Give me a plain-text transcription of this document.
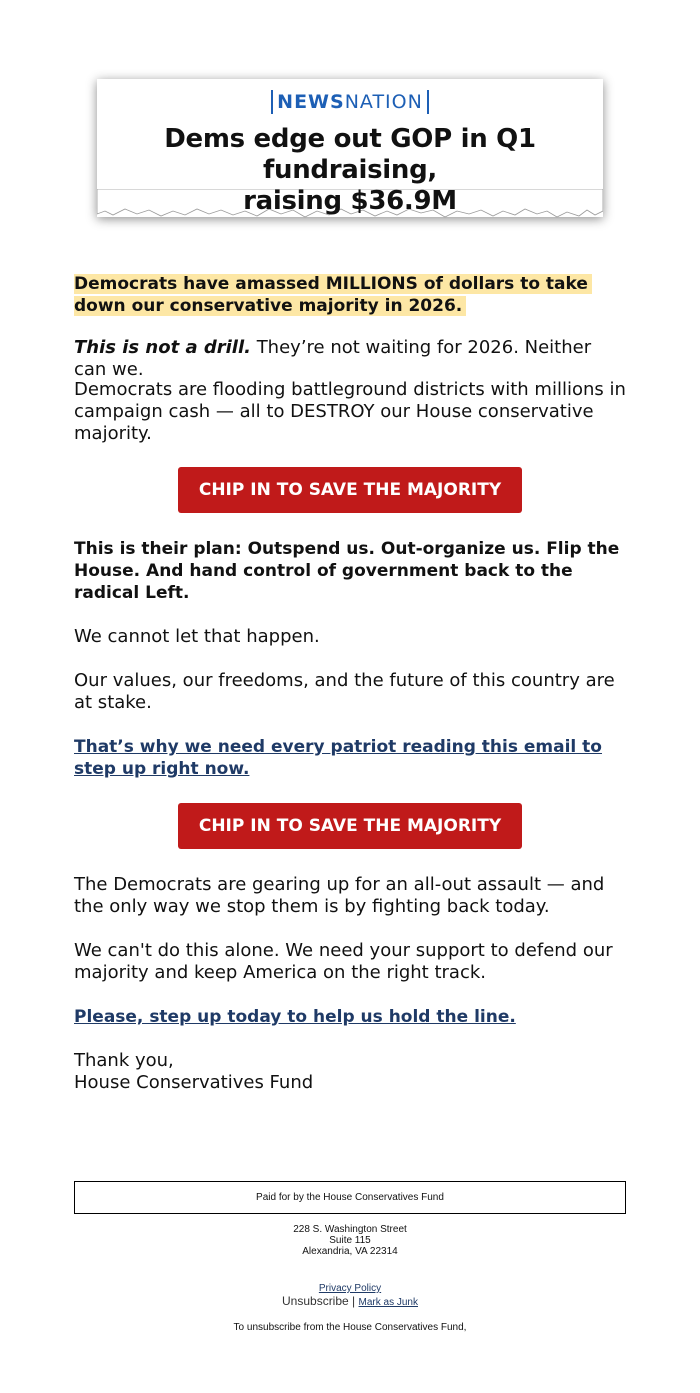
NEWSNATION
Dems edge out GOP in Q1 fundraising,
raising $36.9M
Democrats have amassed MILLIONS of dollars to take down our conservative majority in 2026.
This is not a drill. They’re not waiting for 2026. Neither can we.
Democrats are flooding battleground districts with millions in campaign cash — all to DESTROY our House conservative majority.
CHIP IN TO SAVE THE MAJORITY
This is their plan: Outspend us. Out-organize us. Flip the House. And hand control of government back to the radical Left.
We cannot let that happen.
Our values, our freedoms, and the future of this country are at stake.
That’s why we need every patriot reading this email to step up right now.
CHIP IN TO SAVE THE MAJORITY
The Democrats are gearing up for an all-out assault — and the only way we stop them is by fighting back today.
We can't do this alone. We need your support to defend our majority and keep America on the right track.
Please, step up today to help us hold the line.
Thank you,
House Conservatives Fund
Paid for by the House Conservatives Fund
228 S. Washington Street
Suite 115
Alexandria, VA 22314
Privacy Policy
Unsubscribe | Mark as Junk
To unsubscribe from the House Conservatives Fund,
